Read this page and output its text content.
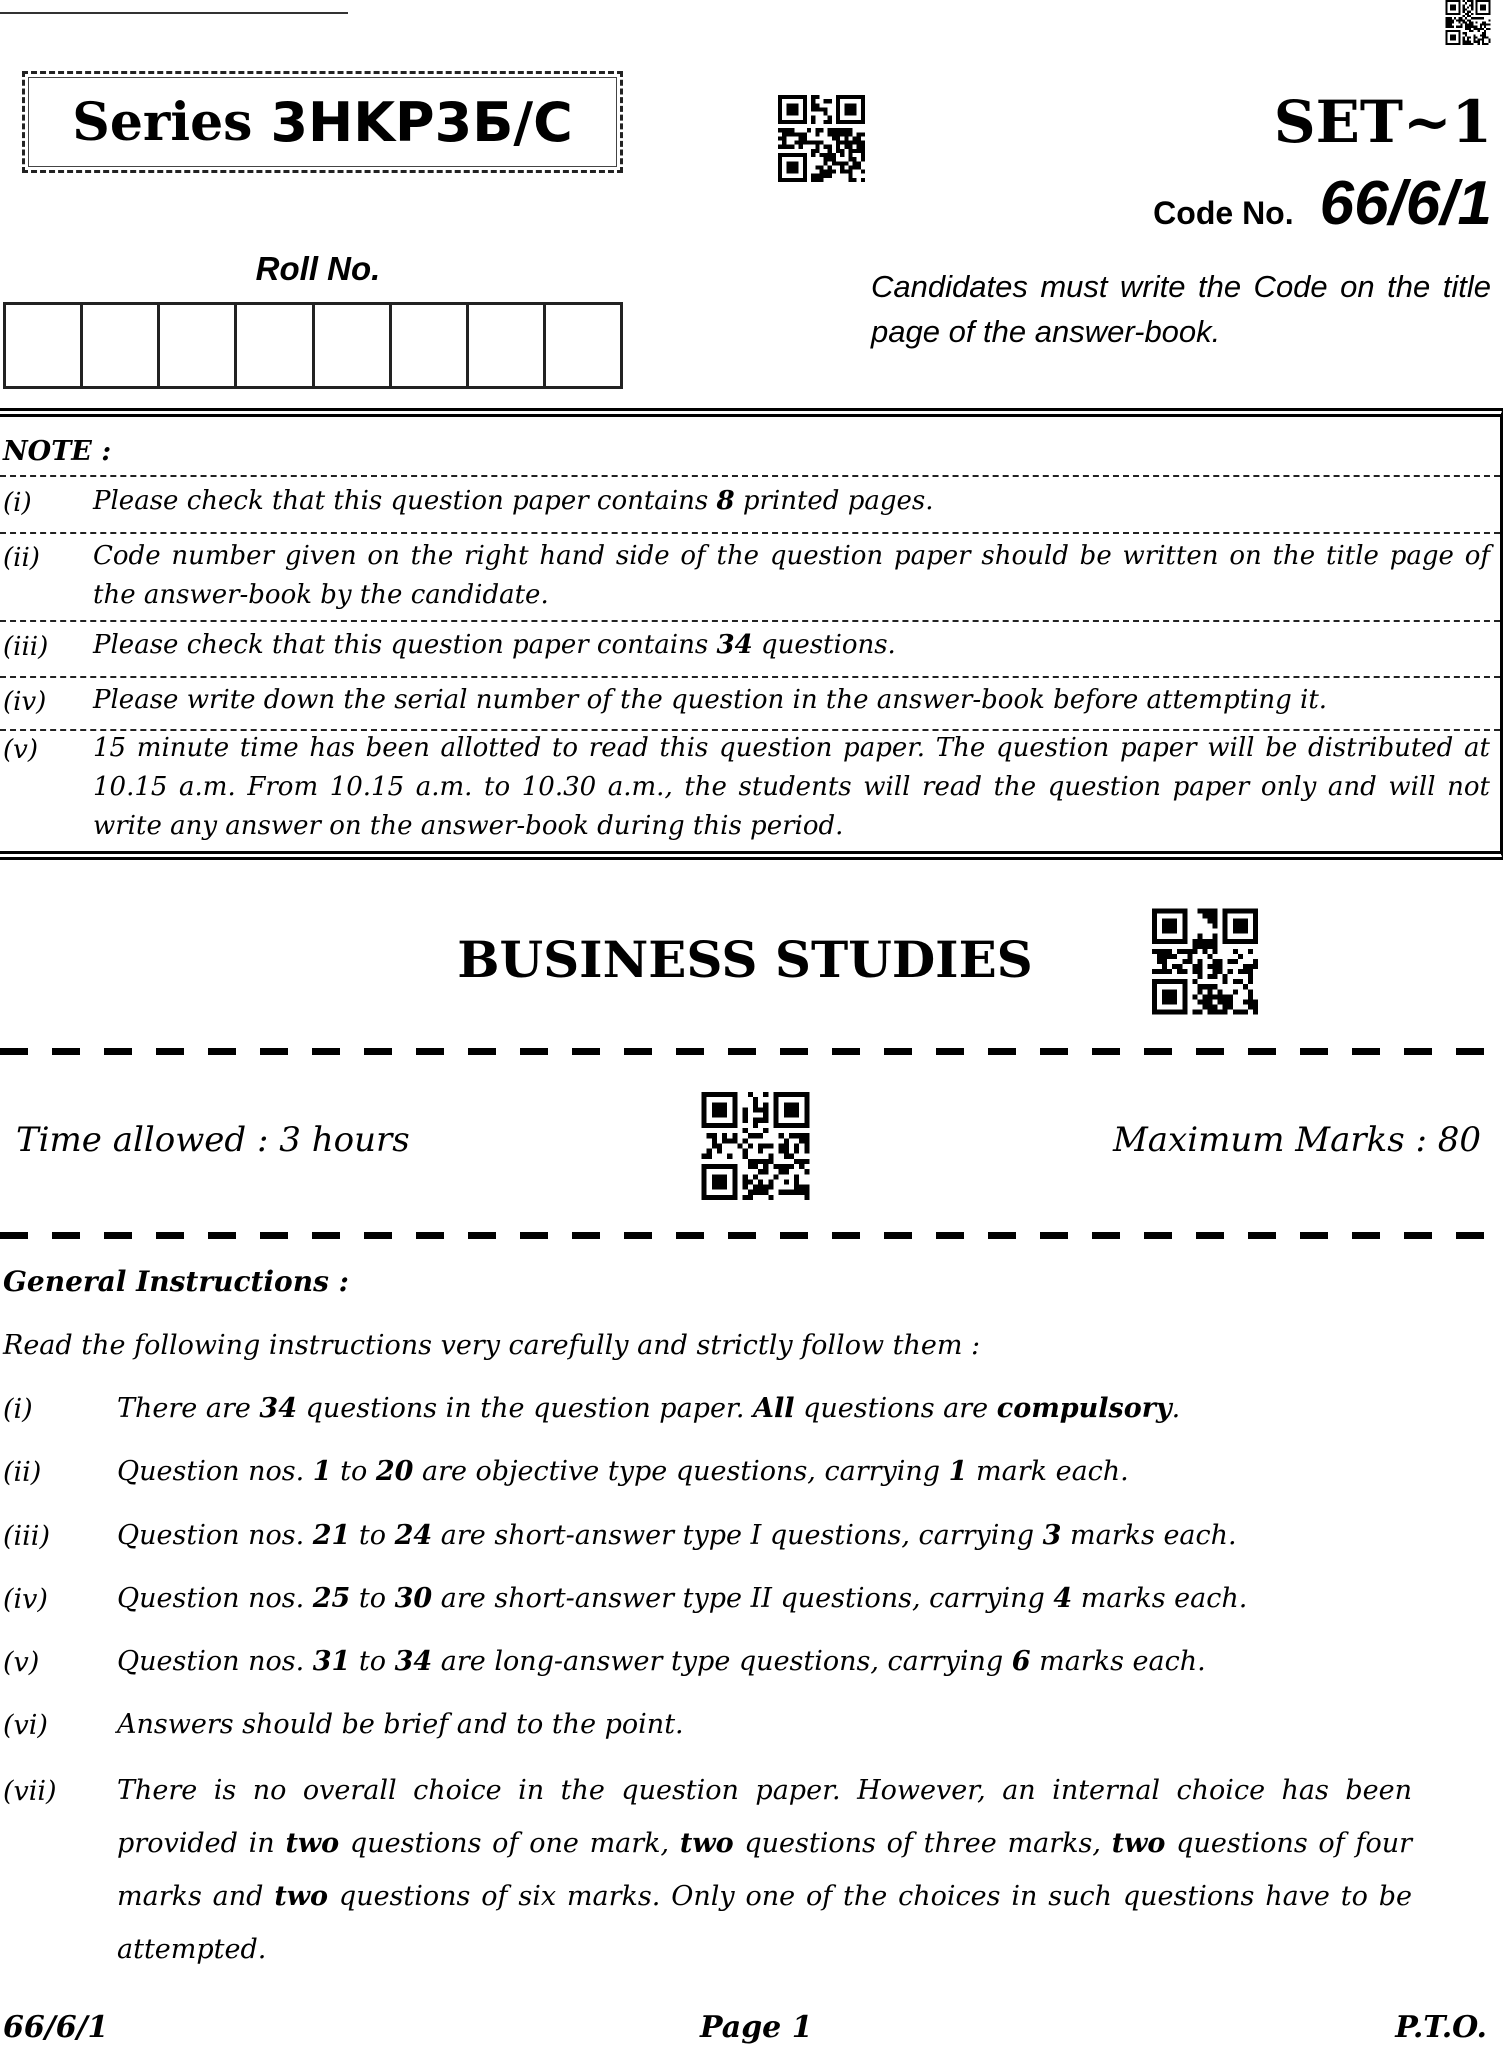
Series 3HKP3Б/C	SET~1
Code No. 66/6/1
Roll No.	Candidates must write the Code on the title page of the answer-book.
NOTE :
(i) Please check that this question paper contains 8 printed pages.
(ii) Code number given on the right hand side of the question paper should be written on the title page of the answer-book by the candidate.
(iii) Please check that this question paper contains 34 questions.
(iv) Please write down the serial number of the question in the answer-book before attempting it.
(v) 15 minute time has been allotted to read this question paper. The question paper will be distributed at 10.15 a.m. From 10.15 a.m. to 10.30 a.m., the students will read the question paper only and will not write any answer on the answer-book during this period.
BUSINESS STUDIES
Time allowed : 3 hours	Maximum Marks : 80
General Instructions :
Read the following instructions very carefully and strictly follow them :
(i)	There are 34 questions in the question paper. All questions are compulsory.
(ii)	Question nos. 1 to 20 are objective type questions, carrying 1 mark each.
(iii) Question nos. 21 to 24 are short-answer type I questions, carrying 3 marks each.
(iv)	Question nos. 25 to 30 are short-answer type II questions, carrying 4 marks each.
(v)	Question nos. 31 to 34 are long-answer type questions, carrying 6 marks each.
(vi)	Answers should be brief and to the point.
(vii) There is no overall choice in the question paper. However, an internal choice has been provided in two questions of one mark, two questions of three marks, two questions of four marks and two questions of six marks. Only one of the choices in such questions have to be attempted.
66/6/1	Page 1	P.T.O.
